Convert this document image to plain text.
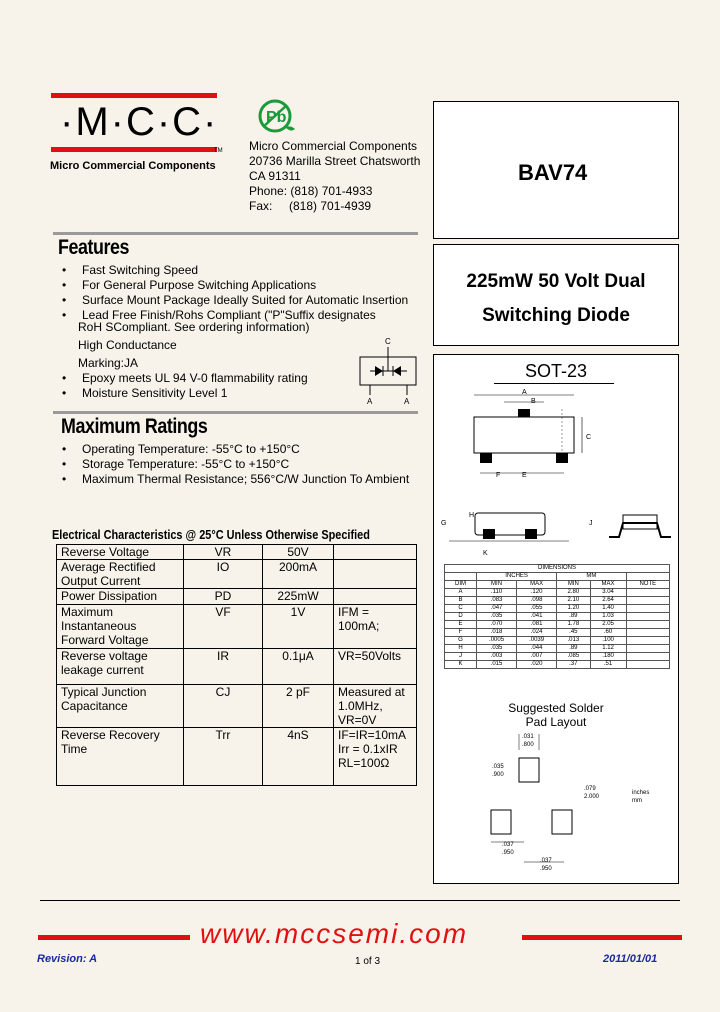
·M·C·C·
TM
Micro Commercial Components
Pb
Micro Commercial Components
20736 Marilla Street Chatsworth
CA 91311
Phone: (818) 701-4933
Fax:     (818) 701-4939
BAV74
225mW 50 Volt Dual
Switching Diode
SOT-23
A
B
C
F	E
G
H
K
J
DIMENSIONS					
	INCHES		MM		
DIM	MIN	MAX	MIN	MAX	NOTE
A	.110	.120	2.80	3.04	
B	.083	.098	2.10	2.64	
C	.047	.055	1.20	1.40	
D	.035	.041	.89	1.03	
E	.070	.081	1.78	2.05	
F	.018	.024	.45	.60	
G	.0005	.0039	.013	.100	
H	.035	.044	.89	1.12	
J	.003	.007	.085	.180	
K	.015	.020	.37	.51	
Suggested Solder
Pad Layout
.031
.800
.035
.900
.079
2.000
inches
mm
.037
.950
.037
.950
Features
• Fast Switching Speed
• For General Purpose Switching Applications
• Surface Mount Package Ideally Suited for Automatic Insertion
• Lead Free Finish/Rohs Compliant ("P"Suffix designates
RoH SCompliant. See ordering information)
High Conductance
Marking:JA
• Epoxy meets UL 94 V-0 flammability rating
• Moisture Sensitivity Level 1
C
A	A
Maximum Ratings
• Operating Temperature: -55°C to +150°C
• Storage Temperature: -55°C to +150°C
• Maximum Thermal Resistance; 556°C/W Junction To Ambient
Electrical Characteristics @ 25°C Unless Otherwise Specified
Reverse Voltage	VR	50V	
Average Rectified
Output Current	IO	200mA	
Power Dissipation	PD	225mW	
Maximum
Instantaneous
Forward Voltage	VF	1V	IFM = 100mA;
Reverse voltage
leakage current	IR	0.1μA	VR=50Volts
Typical Junction
Capacitance	CJ	2 pF	Measured at
1.0MHz, VR=0V
Reverse Recovery
Time	Trr	4nS	IF=IR=10mA
Irr = 0.1xIR
RL=100Ω
www.mccsemi.com
Revision: A	1 of 3	2011/01/01
